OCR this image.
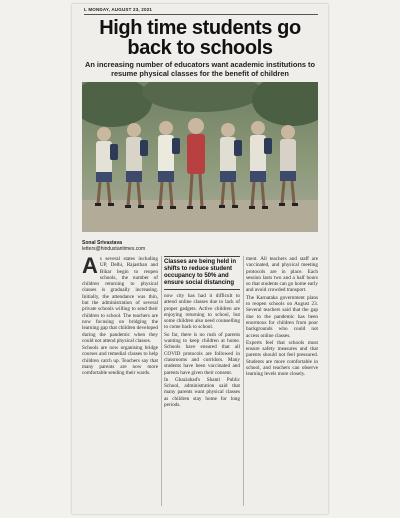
L MONDAY, AUGUST 23, 2021
High time students go back to schools
An increasing number of educators want academic institutions to resume physical classes for the benefit of children
Sonal Srivastava
letters@hindustantimes.com

As several states including UP, Delhi, Rajasthan and Bihar begin to reopen schools, the number of children returning to physical classes is gradually increasing. Initially, the attendance was thin, but the administration of several private schools willing to send their children to school. The teachers are now focusing on bridging the learning gap that children developed during the pandemic when they could not attend physical classes.

Schools are now organising bridge courses and remedial classes to help children catch up. Teachers say that many parents are now more comfortable sending their wards.

Classes are being held in shifts to reduce student occupancy to 50% and ensure social distancing

now city has had it difficult to attend online classes due to lack of proper gadgets. Active children are enjoying returning to school, but some children also need counselling to come back to school.

So far, there is no rush of parents wanting to keep children at home. Schools have ensured that all COVID protocols are followed in classrooms and corridors. Many students have been vaccinated and parents have given their consent.

In Ghaziabad's Shanti Public School, administration said that many parents want physical classes as children stay home for long periods.

ment. All teachers and staff are vaccinated, and physical meeting protocols are in place. Each session lasts two and a half hours so that students can go home early and avoid crowded transport.

The Karnataka government plans to reopen schools on August 23. Several teachers said that the gap due to the pandemic has been enormous for children from poor backgrounds who could not access online classes.

Experts feel that schools must ensure safety measures and that parents should not feel pressured. Students are more comfortable in school, and teachers can observe learning levels more closely.
